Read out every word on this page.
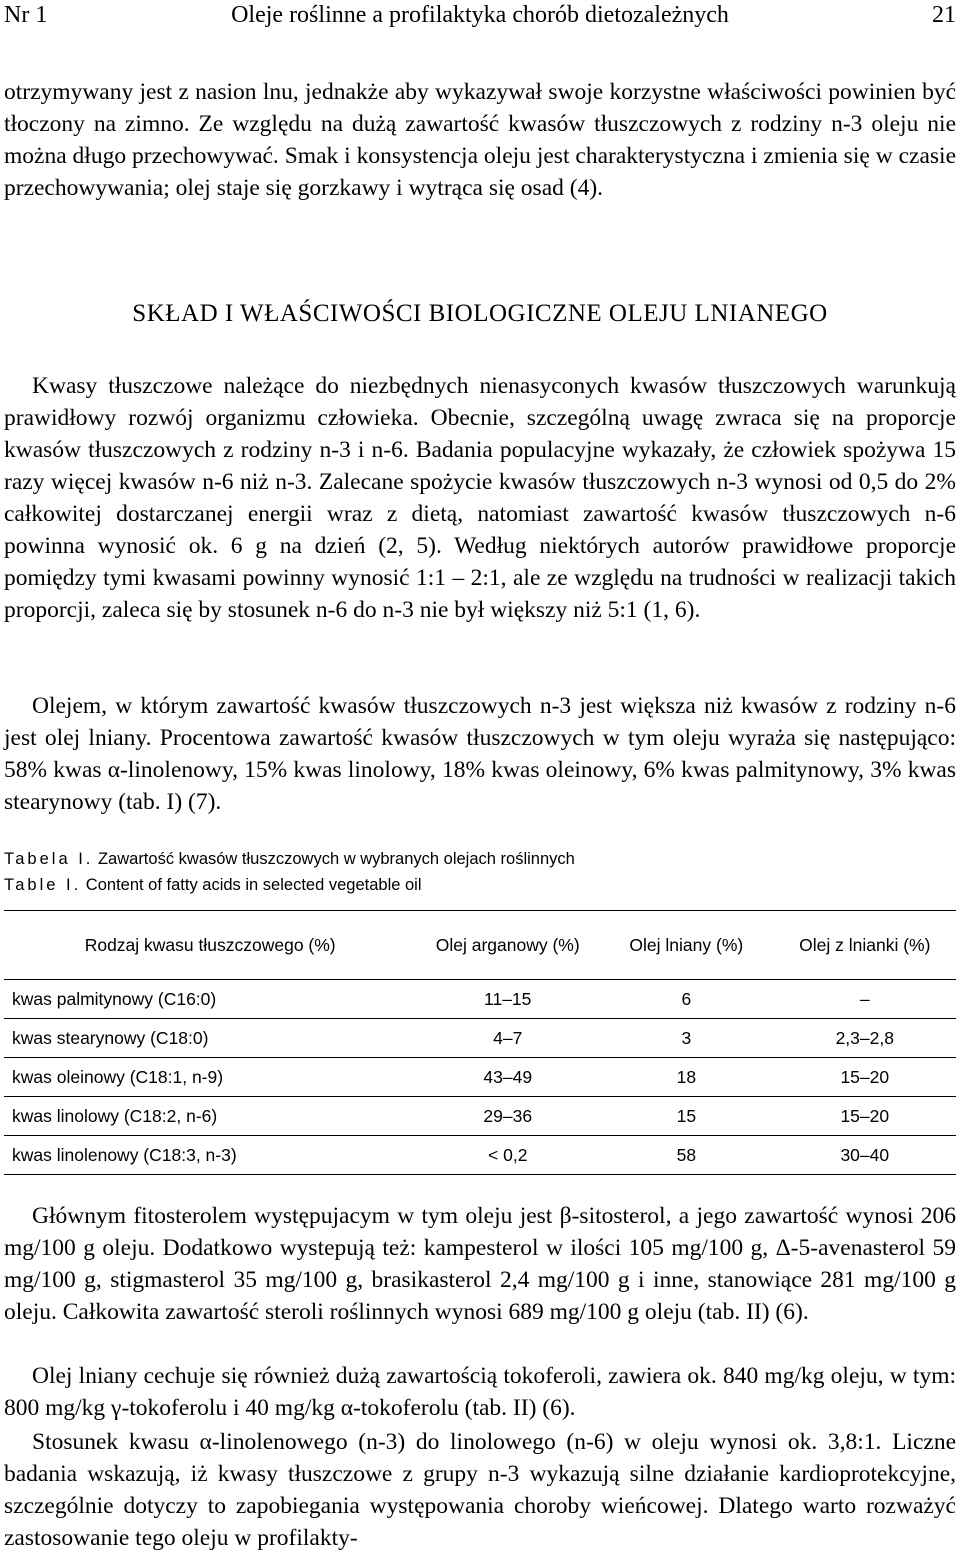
Nr 1	Oleje roślinne a profilaktyka chorób dietozależnych	21

otrzymywany jest z nasion lnu, jednakże aby wykazywał swoje korzystne właściwości powinien być tłoczony na zimno. Ze względu na dużą zawartość kwasów tłuszczowych z rodziny n-3 oleju nie można długo przechowywać. Smak i konsystencja oleju jest charakterystyczna i zmienia się w czasie przechowywania; olej staje się gorzkawy i wytrąca się osad (4).

SKŁAD I WŁAŚCIWOŚCI BIOLOGICZNE OLEJU LNIANEGO

Kwasy tłuszczowe należące do niezbędnych nienasyconych kwasów tłuszczowych warunkują prawidłowy rozwój organizmu człowieka. Obecnie, szczególną uwagę zwraca się na proporcje kwasów tłuszczowych z rodziny n-3 i n-6. Badania populacyjne wykazały, że człowiek spożywa 15 razy więcej kwasów n-6 niż n-3. Zalecane spożycie kwasów tłuszczowych n-3 wynosi od 0,5 do 2% całkowitej dostarczanej energii wraz z dietą, natomiast zawartość kwasów tłuszczowych n-6 powinna wynosić ok. 6 g na dzień (2, 5). Według niektórych autorów prawidłowe proporcje pomiędzy tymi kwasami powinny wynosić 1:1 – 2:1, ale ze względu na trudności w realizacji takich proporcji, zaleca się by stosunek n-6 do n-3 nie był większy niż 5:1 (1, 6).

Olejem, w którym zawartość kwasów tłuszczowych n-3 jest większa niż kwasów z rodziny n-6 jest olej lniany. Procentowa zawartość kwasów tłuszczowych w tym oleju wyraża się następująco: 58% kwas α-linolenowy, 15% kwas linolowy, 18% kwas oleinowy, 6% kwas palmitynowy, 3% kwas stearynowy (tab. I) (7).

Tabela I. Zawartość kwasów tłuszczowych w wybranych olejach roślinnych
Table I. Content of fatty acids in selected vegetable oil
Rodzaj kwasu tłuszczowego (%)	Olej arganowy (%)	Olej lniany (%)	Olej z lnianki (%)
kwas palmitynowy (C16:0)	11–15	6	–
kwas stearynowy (C18:0)	4–7	3	2,3–2,8
kwas oleinowy (C18:1, n-9)	43–49	18	15–20
kwas linolowy (C18:2, n-6)	29–36	15	15–20
kwas linolenowy (C18:3, n-3)	< 0,2	58	30–40

Głównym fitosterolem występujacym w tym oleju jest β-sitosterol, a jego zawartość wynosi 206 mg/100 g oleju. Dodatkowo wystepują też: kampesterol w ilości 105 mg/100 g, Δ-5-avenasterol 59 mg/100 g, stigmasterol 35 mg/100 g, brasikasterol 2,4 mg/100 g i inne, stanowiące 281 mg/100 g oleju. Całkowita zawartość steroli roślinnych wynosi 689 mg/100 g oleju (tab. II) (6).

Olej lniany cechuje się również dużą zawartością tokoferoli, zawiera ok. 840 mg/kg oleju, w tym: 800 mg/kg γ-tokoferolu i 40 mg/kg α-tokoferolu (tab. II) (6).

Stosunek kwasu α-linolenowego (n-3) do linolowego (n-6) w oleju wynosi ok. 3,8:1. Liczne badania wskazują, iż kwasy tłuszczowe z grupy n-3 wykazują silne działanie kardioprotekcyjne, szczególnie dotyczy to zapobiegania występowania choroby wieńcowej. Dlatego warto rozważyć zastosowanie tego oleju w profilakty-
